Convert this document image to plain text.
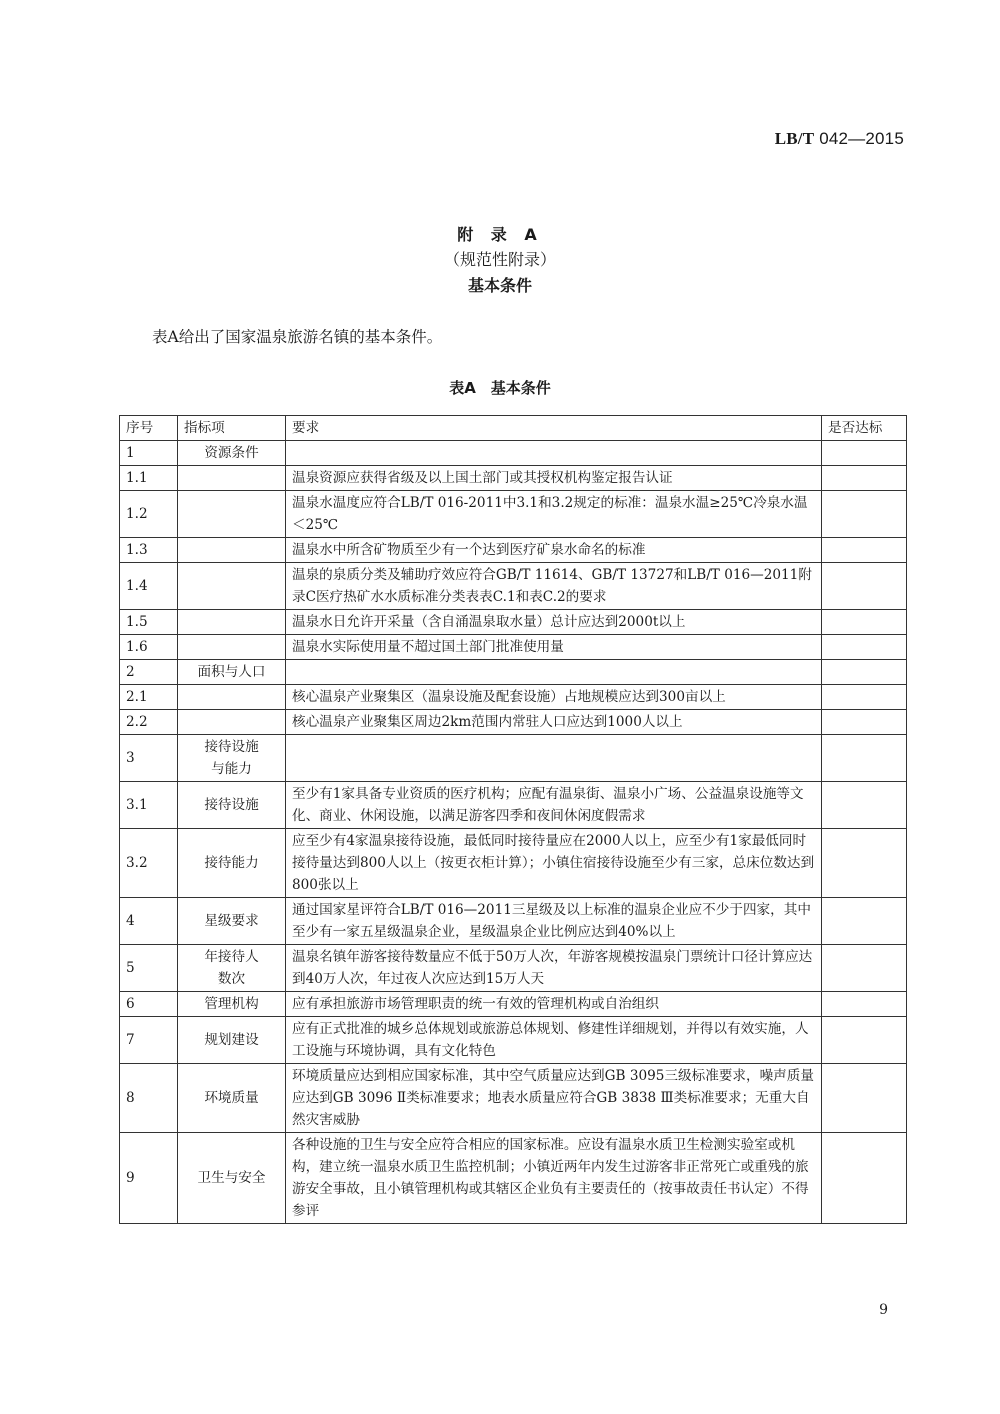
LB/T 042—2015
附 录 A
（规范性附录）
基本条件
表A给出了国家温泉旅游名镇的基本条件。
表A　基本条件
序号	指标项	要求	是否达标
1	资源条件		
1.1		温泉资源应获得省级及以上国土部门或其授权机构鉴定报告认证	
1.2		温泉水温度应符合LB/T 016-2011中3.1和3.2规定的标准：温泉水温≥25℃冷泉水温＜25℃	
1.3		温泉水中所含矿物质至少有一个达到医疗矿泉水命名的标准	
1.4		温泉的泉质分类及辅助疗效应符合GB/T 11614、GB/T 13727和LB/T 016—2011附录C医疗热矿水水质标准分类表表C.1和表C.2的要求	
1.5		温泉水日允许开采量（含自涌温泉取水量）总计应达到2000t以上	
1.6		温泉水实际使用量不超过国土部门批准使用量	
2	面积与人口		
2.1		核心温泉产业聚集区（温泉设施及配套设施）占地规模应达到300亩以上	
2.2		核心温泉产业聚集区周边2km范围内常驻人口应达到1000人以上	
3	接待设施与能力		
3.1	接待设施	至少有1家具备专业资质的医疗机构；应配有温泉街、温泉小广场、公益温泉设施等文化、商业、休闲设施，以满足游客四季和夜间休闲度假需求	
3.2	接待能力	应至少有4家温泉接待设施，最低同时接待量应在2000人以上，应至少有1家最低同时接待量达到800人以上（按更衣柜计算）；小镇住宿接待设施至少有三家，总床位数达到800张以上	
4	星级要求	通过国家星评符合LB/T 016—2011三星级及以上标准的温泉企业应不少于四家，其中至少有一家五星级温泉企业，星级温泉企业比例应达到40%以上	
5	年接待人数次	温泉名镇年游客接待数量应不低于50万人次，年游客规模按温泉门票统计口径计算应达到40万人次，年过夜人次应达到15万人天	
6	管理机构	应有承担旅游市场管理职责的统一有效的管理机构或自治组织	
7	规划建设	应有正式批准的城乡总体规划或旅游总体规划、修建性详细规划，并得以有效实施，人工设施与环境协调，具有文化特色	
8	环境质量	环境质量应达到相应国家标准，其中空气质量应达到GB 3095三级标准要求，噪声质量应达到GB 3096 Ⅱ类标准要求；地表水质量应符合GB 3838 Ⅲ类标准要求；无重大自然灾害威胁	
9	卫生与安全	各种设施的卫生与安全应符合相应的国家标准。应设有温泉水质卫生检测实验室或机构，建立统一温泉水质卫生监控机制；小镇近两年内发生过游客非正常死亡或重残的旅游安全事故，且小镇管理机构或其辖区企业负有主要责任的（按事故责任书认定）不得参评	
9
